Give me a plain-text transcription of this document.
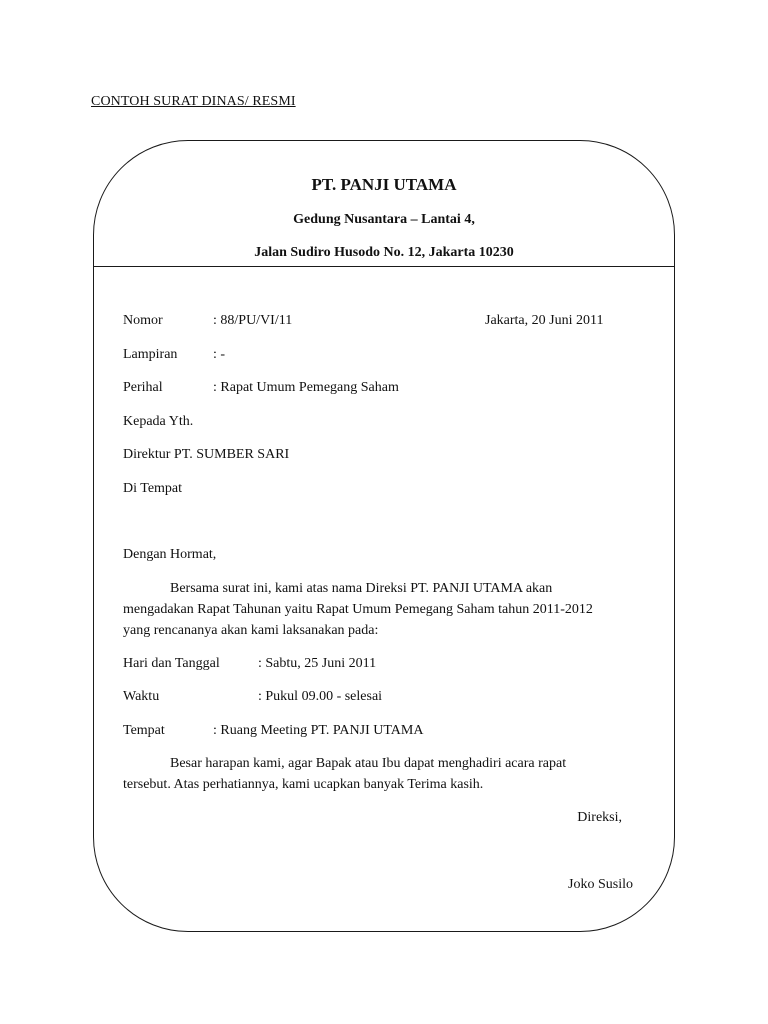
CONTOH SURAT DINAS/ RESMI
PT. PANJI UTAMA
Gedung Nusantara – Lantai 4,
Jalan Sudiro Husodo No. 12, Jakarta 10230
Nomor	: 88/PU/VI/11	Jakarta, 20 Juni 2011
Lampiran	: -
Perihal	: Rapat Umum Pemegang Saham
Kepada Yth.
Direktur PT. SUMBER SARI
Di Tempat
Dengan Hormat,
Bersama surat ini, kami atas nama Direksi PT. PANJI UTAMA akan
mengadakan Rapat Tahunan yaitu Rapat Umum Pemegang Saham tahun 2011-2012
yang rencananya akan kami laksanakan pada:
Hari dan Tanggal	: Sabtu, 25 Juni 2011
Waktu	: Pukul 09.00 - selesai
Tempat	: Ruang Meeting PT. PANJI UTAMA
Besar harapan kami, agar Bapak atau Ibu dapat menghadiri acara rapat
tersebut. Atas perhatiannya, kami ucapkan banyak Terima kasih.
Direksi,
Joko Susilo
